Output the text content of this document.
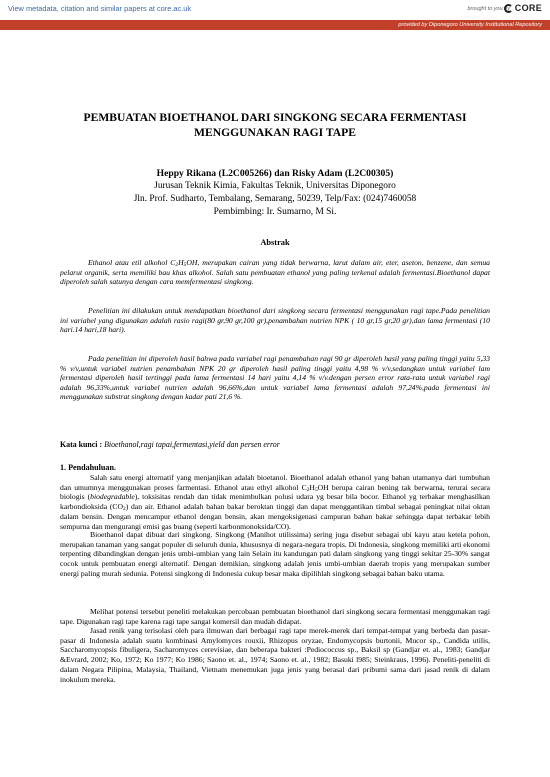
View metadata, citation and similar papers at core.ac.uk	brought to you by CORE
provided by Diponegoro University Institutional Repository
PEMBUATAN BIOETHANOL DARI SINGKONG SECARA FERMENTASI
MENGGUNAKAN RAGI TAPE
Heppy Rikana (L2C005266) dan Risky Adam (L2C00305)
Jurusan Teknik Kimia, Fakultas Teknik, Universitas Diponegoro
Jln. Prof. Sudharto, Tembalang, Semarang, 50239, Telp/Fax: (024)7460058
Pembimbing: Ir. Sumarno, M Si.
Abstrak
Ethanol atau etil alkohol $C_2H_5OH$, merupakan cairan yang tidak berwarna, larut dalam air, eter, aseton, benzene, dan semua pelarut organik, serta memiliki bau khas alkohol. Salah satu pembuatan ethanol yang paling terkenal adalah fermentasi.Bioethanol dapat diperoleh salah satunya dengan cara memfermentasi singkong.
Penelitian ini dilakukan untuk mendapatkan bioethanol dari singkong secara fermentasi menggunakan ragi tape.Pada penelitian ini variabel yang digunakan adalah rasio ragi(80 gr,90 gr,100 gr),penambahan nutrien NPK ( 10 gr,15 gr,20 gr),dan lama fermentasi (10 hari.14 hari,18 hari).
Pada penelitian ini diperoleh hasil bahwa pada variabel ragi penambahan ragi 90 gr diperoleh hasil yang paling tinggi yaitu 5,33 % v/v,untuk variabel nutrien penambahan NPK 20 gr diperoleh hasil paling tinggi yaitu 4,98 % v/v,sedangkan untuk variabel lam fermentasi diperoleh hasil tertinggi pada lama fermentasi 14 hari yaitu 4,14 % v/v.dengan persen error rata-rata untuk variabel ragi adalah 96,33%,untuk variabel nutrien adalah 96,66%,dan untuk variabel lama fermentasi adalah 97,24%,pada fermentasi ini menggunakan substrat singkong dengan kadar pati 21,6 %.
Kata kunci : Bioethanol,ragi tapai,fermentasi,yield dan persen error
1. Pendahuluan.
Salah satu energi alternatif yang menjanjikan adalah bioetanol. Bioethanol adalah ethanol yang bahan utamanya dari tumbuhan dan umumnya menggunakan proses farmentasi. Ethanol atau ethyl alkohol $C_2H_5OH$ berupa cairan bening tak berwarna, terurai secara biologis (biodegradable), toksisitas rendah dan tidak menimbulkan polusi udara yg besar bila bocor. Ethanol yg terbakar menghasilkan karbondioksida $(CO_2)$ dan air. Ethanol adalah bahan bakar beroktan tinggi dan dapat menggantikan timbal sebagai peningkat nilai oktan dalam bensin. Dengan mencampur ethanol dengan bensin, akan mengoksigenasi campuran bahan bakar sehingga dapat terbakar lebih sempurna dan mengurangi emisi gas buang (seperti karbonmonoksida/CO).
Bioethanol dapat dibuat dari singkong. Singkong (Manihot utilissima) sering juga disebut sebagai ubi kayu atau ketela pohon, merupakan tanaman yang sangat populer di seluruh dunia, khususnya di negara-negara tropis. Di Indonesia, singkong memiliki arti ekonomi terpenting dibandingkan dengan jenis umbi-umbian yang lain Selain itu kandungan pati dalam singkong yang tinggi sekitar 25-30% sangat cocok untuk pembuatan energi alternatif. Dengan demikian, singkong adalah jenis umbi-umbian daerah tropis yang merupakan sumber energi paling murah sedunia. Potensi singkong di Indonesia cukup besar maka dipilihlah singkong sebagai bahan baku utama.
Melihat potensi tersebut peneliti melakukan percobaan pembuatan bioethanol dari singkong secara fermentasi menggunakan ragi tape. Digunakan ragi tape karena ragi tape sangat komersil dan mudah didapat.
Jasad renik yang terisolasi oleh para ilmuwan dari berbagai ragi tape merek-merek dari tempat-tempat yang berbeda dan pasar-pasar di Indonesia adalah suatu kombinasi Amylomyces rouxii, Rhizopus oryzae, Endomycopsis burtonii, Mucor sp., Candida utilis, Saccharomycopsis fibuligera, Sacharomyces cerevisiae, dan beberapa bakteri :Pediococcus sp., Baksil sp (Gandjar et. al., 1983; Gandjar &Evrard, 2002; Ko, 1972; Ko 1977; Ko 1986; Saono et. al., 1974; Saono et. al., 1982; Basuki l985; Steinkraus, 1996). Peneliti-peneliti di dalam Negara Pilipina, Malaysia, Thailand, Vietnam menemukan juga jenis yang berasal dari pribumi sama dari jasad renik di dalam inokulum mereka.
